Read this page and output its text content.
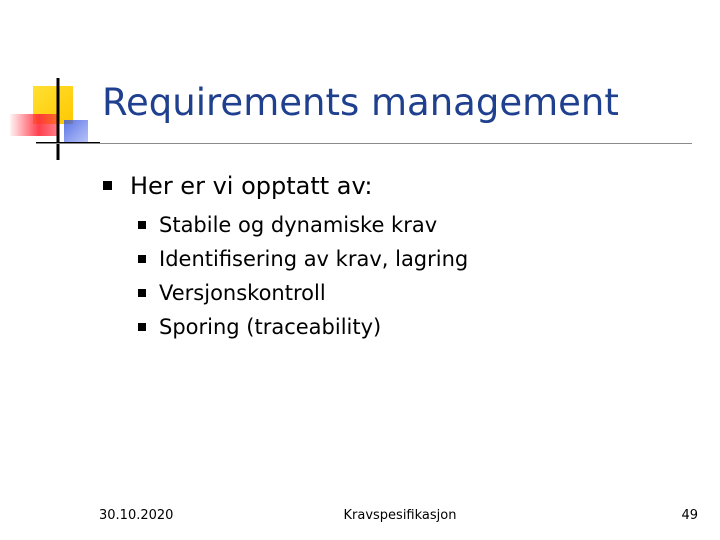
Requirements management
Her er vi opptatt av:
Stabile og dynamiske krav
Identifisering av krav, lagring
Versjonskontroll
Sporing (traceability)
30.10.2020	Kravspesifikasjon	49
